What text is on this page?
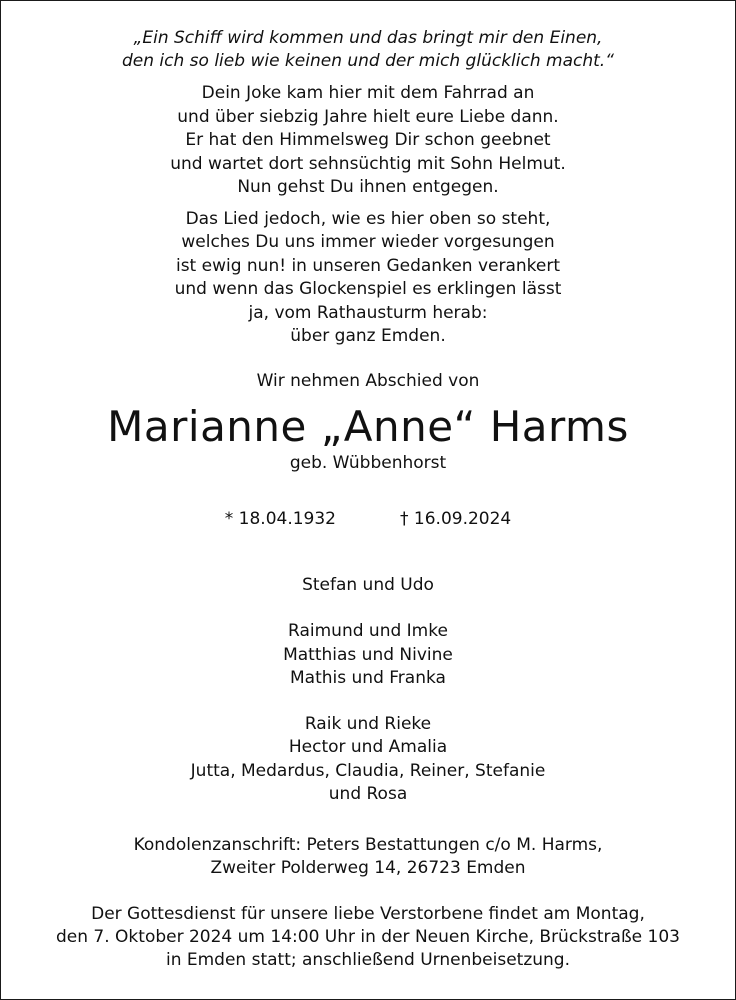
„Ein Schiff wird kommen und das bringt mir den Einen,
den ich so lieb wie keinen und der mich glücklich macht.“
Dein Joke kam hier mit dem Fahrrad an
und über siebzig Jahre hielt eure Liebe dann.
Er hat den Himmelsweg Dir schon geebnet
und wartet dort sehnsüchtig mit Sohn Helmut.
Nun gehst Du ihnen entgegen.
Das Lied jedoch, wie es hier oben so steht,
welches Du uns immer wieder vorgesungen
ist ewig nun! in unseren Gedanken verankert
und wenn das Glockenspiel es erklingen lässt
ja, vom Rathausturm herab:
über ganz Emden.
Wir nehmen Abschied von
Marianne „Anne“ Harms
geb. Wübbenhorst
* 18.04.1932	† 16.09.2024
Stefan und Udo
Raimund und Imke
Matthias und Nivine
Mathis und Franka
Raik und Rieke
Hector und Amalia
Jutta, Medardus, Claudia, Reiner, Stefanie
und Rosa
Kondolenzanschrift: Peters Bestattungen c/o M. Harms,
Zweiter Polderweg 14, 26723 Emden
Der Gottesdienst für unsere liebe Verstorbene findet am Montag,
den 7. Oktober 2024 um 14:00 Uhr in der Neuen Kirche, Brückstraße 103
in Emden statt; anschließend Urnenbeisetzung.
